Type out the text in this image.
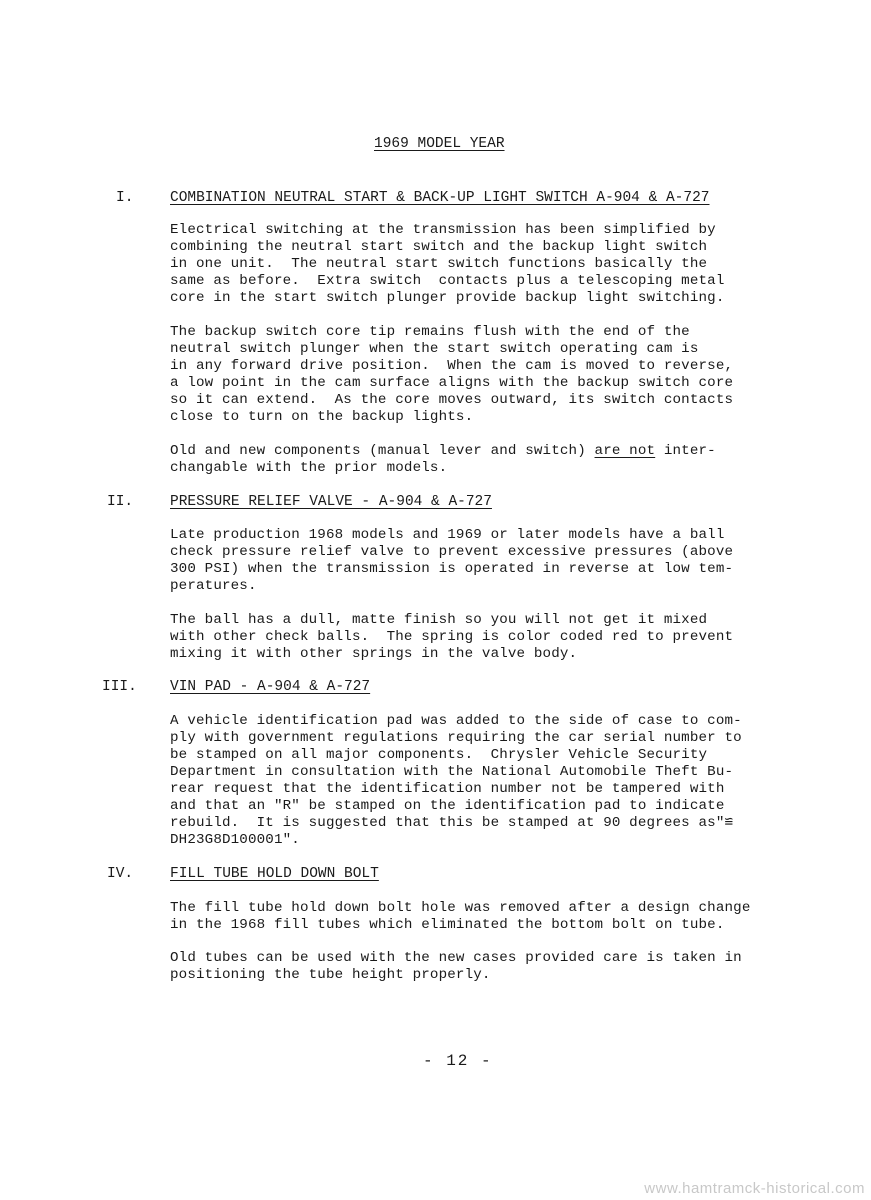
1969 MODEL YEAR
I.	COMBINATION NEUTRAL START & BACK-UP LIGHT SWITCH A-904 & A-727
Electrical switching at the transmission has been simplified by
combining the neutral start switch and the backup light switch
in one unit.  The neutral start switch functions basically the
same as before.  Extra switch  contacts plus a telescoping metal
core in the start switch plunger provide backup light switching.
The backup switch core tip remains flush with the end of the
neutral switch plunger when the start switch operating cam is
in any forward drive position.  When the cam is moved to reverse,
a low point in the cam surface aligns with the backup switch core
so it can extend.  As the core moves outward, its switch contacts
close to turn on the backup lights.
Old and new components (manual lever and switch) are not inter-
changable with the prior models.
II.	PRESSURE RELIEF VALVE - A-904 & A-727
Late production 1968 models and 1969 or later models have a ball
check pressure relief valve to prevent excessive pressures (above
300 PSI) when the transmission is operated in reverse at low tem-
peratures.
The ball has a dull, matte finish so you will not get it mixed
with other check balls.  The spring is color coded red to prevent
mixing it with other springs in the valve body.
III. VIN PAD - A-904 & A-727
A vehicle identification pad was added to the side of case to com-
ply with government regulations requiring the car serial number to
be stamped on all major components.  Chrysler Vehicle Security
Department in consultation with the National Automobile Theft Bu-
rear request that the identification number not be tampered with
and that an "R" be stamped on the identification pad to indicate
rebuild.  It is suggested that this be stamped at 90 degrees as"≌
DH23G8D100001".
IV.	FILL TUBE HOLD DOWN BOLT
The fill tube hold down bolt hole was removed after a design change
in the 1968 fill tubes which eliminated the bottom bolt on tube.
Old tubes can be used with the new cases provided care is taken in
positioning the tube height properly.
- 12 -
www.hamtramck-historical.com
